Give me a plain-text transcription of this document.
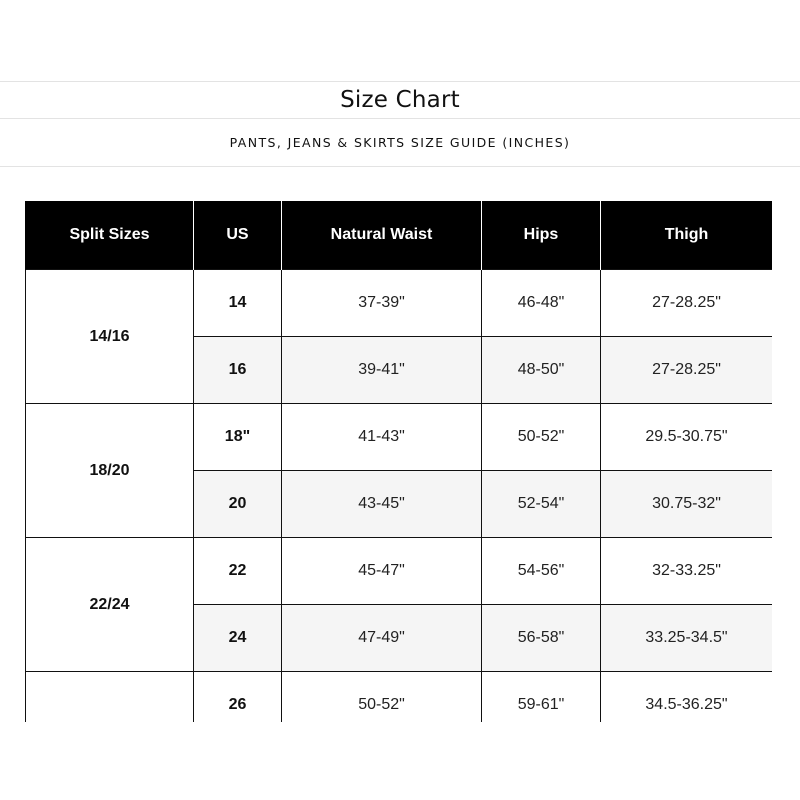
Size Chart
PANTS, JEANS & SKIRTS SIZE GUIDE (INCHES)
Split Sizes	US	Natural Waist	Hips	Thigh
14/16	14	37-39"	46-48"	27-28.25"
	16	39-41"	48-50"	27-28.25"
18/20	18"	41-43"	50-52"	29.5-30.75"
	20	43-45"	52-54"	30.75-32"
22/24	22	45-47"	54-56"	32-33.25"
	24	47-49"	56-58"	33.25-34.5"
	26	50-52"	59-61"	34.5-36.25"
